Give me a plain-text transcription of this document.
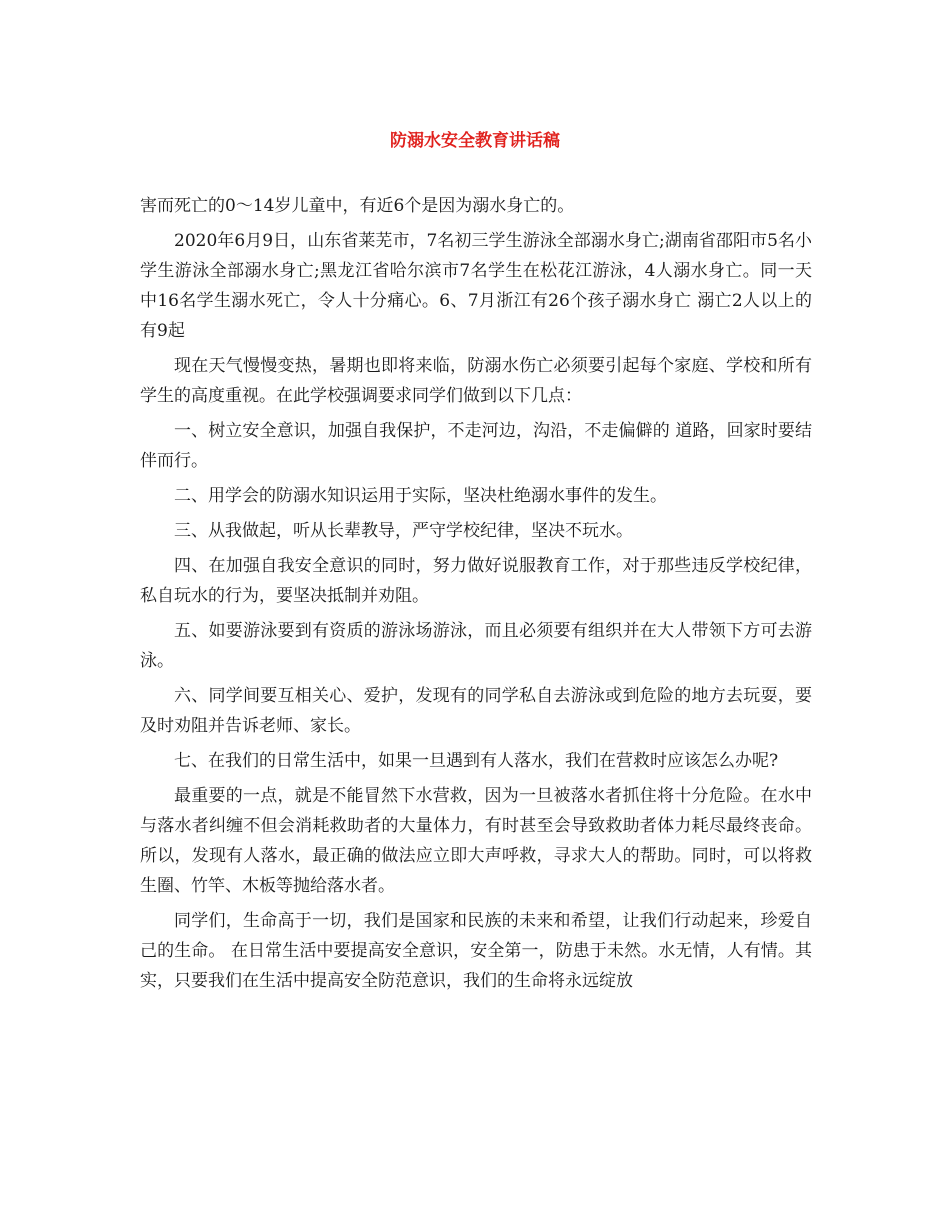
防溺水安全教育讲话稿

害而死亡的0～14岁儿童中，有近6个是因为溺水身亡的。

2020年6月9日，山东省莱芜市，7名初三学生游泳全部溺水身亡;湖南省邵阳市5名小学生游泳全部溺水身亡;黑龙江省哈尔滨市7名学生在松花江游泳，4人溺水身亡。同一天中16名学生溺水死亡，令人十分痛心。6、7月浙江有26个孩子溺水身亡 溺亡2人以上的有9起

现在天气慢慢变热，暑期也即将来临，防溺水伤亡必须要引起每个家庭、学校和所有学生的高度重视。在此学校强调要求同学们做到以下几点：

一、树立安全意识，加强自我保护，不走河边，沟沿，不走偏僻的 道路，回家时要结伴而行。

二、用学会的防溺水知识运用于实际，坚决杜绝溺水事件的发生。

三、从我做起，听从长辈教导，严守学校纪律，坚决不玩水。

四、在加强自我安全意识的同时，努力做好说服教育工作，对于那些违反学校纪律，私自玩水的行为，要坚决抵制并劝阻。

五、如要游泳要到有资质的游泳场游泳，而且必须要有组织并在大人带领下方可去游泳。

六、同学间要互相关心、爱护，发现有的同学私自去游泳或到危险的地方去玩耍，要及时劝阻并告诉老师、家长。

七、在我们的日常生活中，如果一旦遇到有人落水，我们在营救时应该怎么办呢?

最重要的一点，就是不能冒然下水营救，因为一旦被落水者抓住将十分危险。在水中与落水者纠缠不但会消耗救助者的大量体力，有时甚至会导致救助者体力耗尽最终丧命。所以，发现有人落水，最正确的做法应立即大声呼救，寻求大人的帮助。同时，可以将救生圈、竹竿、木板等抛给落水者。

同学们，生命高于一切，我们是国家和民族的未来和希望，让我们行动起来，珍爱自己的生命。 在日常生活中要提高安全意识，安全第一，防患于未然。水无情，人有情。其实，只要我们在生活中提高安全防范意识，我们的生命将永远绽放
